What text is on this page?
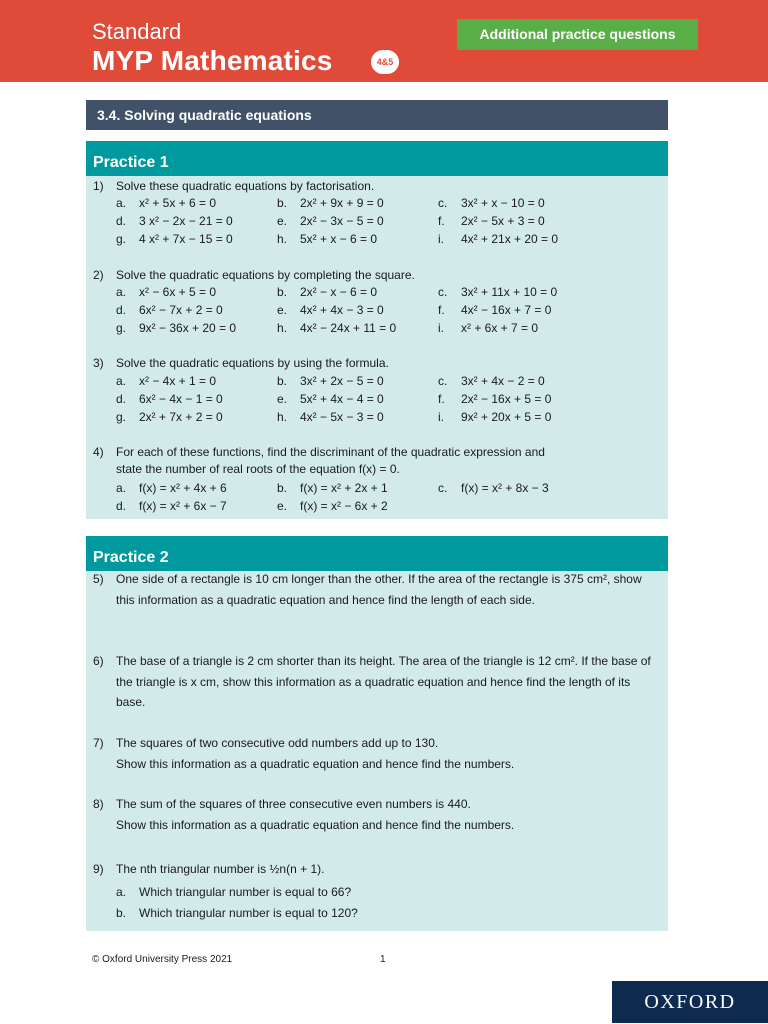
Standard
MYP Mathematics	4&5
Additional practice questions
3.4. Solving quadratic equations
Practice 1
1)	Solve these quadratic equations by factorisation.
a. x² + 5x + 6 = 0	b. 2x² + 9x + 9 = 0	c. 3x² + x − 10 = 0
d. 3 x² − 2x − 21 = 0	e. 2x² − 3x − 5 = 0	f. 2x² − 5x + 3 = 0
g. 4 x² + 7x − 15 = 0	h. 5x² + x − 6 = 0	i. 4x² + 21x + 20 = 0
2)	Solve the quadratic equations by completing the square.
a. x² − 6x + 5 = 0	b. 2x² − x − 6 = 0	c. 3x² + 11x + 10 = 0
d. 6x² − 7x + 2 = 0	e. 4x² + 4x − 3 = 0	f. 4x² − 16x + 7 = 0
g. 9x² − 36x + 20 = 0	h. 4x² − 24x + 11 = 0	i. x² + 6x + 7 = 0
3)	Solve the quadratic equations by using the formula.
a. x² − 4x + 1 = 0	b. 3x² + 2x − 5 = 0	c. 3x² + 4x − 2 = 0
d. 6x² − 4x − 1 = 0	e. 5x² + 4x − 4 = 0	f. 2x² − 16x + 5 = 0
g. 2x² + 7x + 2 = 0	h. 4x² − 5x − 3 = 0	i. 9x² + 20x + 5 = 0
4)	For each of these functions, find the discriminant of the quadratic expression and
state the number of real roots of the equation f(x) = 0.
a. f(x) = x² + 4x + 6	b. f(x) = x² + 2x + 1	c. f(x) = x² + 8x − 3
d. f(x) = x² + 6x − 7	e. f(x) = x² − 6x + 2
Practice 2
5)	One side of a rectangle is 10 cm longer than the other. If the area of the rectangle is 375 cm², show this information as a quadratic equation and hence find the length of each side.
6)	The base of a triangle is 2 cm shorter than its height. The area of the triangle is 12 cm². If the base of the triangle is x cm, show this information as a quadratic equation and hence find the length of its base.
7)	The squares of two consecutive odd numbers add up to 130.
Show this information as a quadratic equation and hence find the numbers.
8)	The sum of the squares of three consecutive even numbers is 440.
Show this information as a quadratic equation and hence find the numbers.
9)	The nth triangular number is ½n(n + 1).
a. Which triangular number is equal to 66?
b. Which triangular number is equal to 120?
© Oxford University Press 2021	1
OXFORD
